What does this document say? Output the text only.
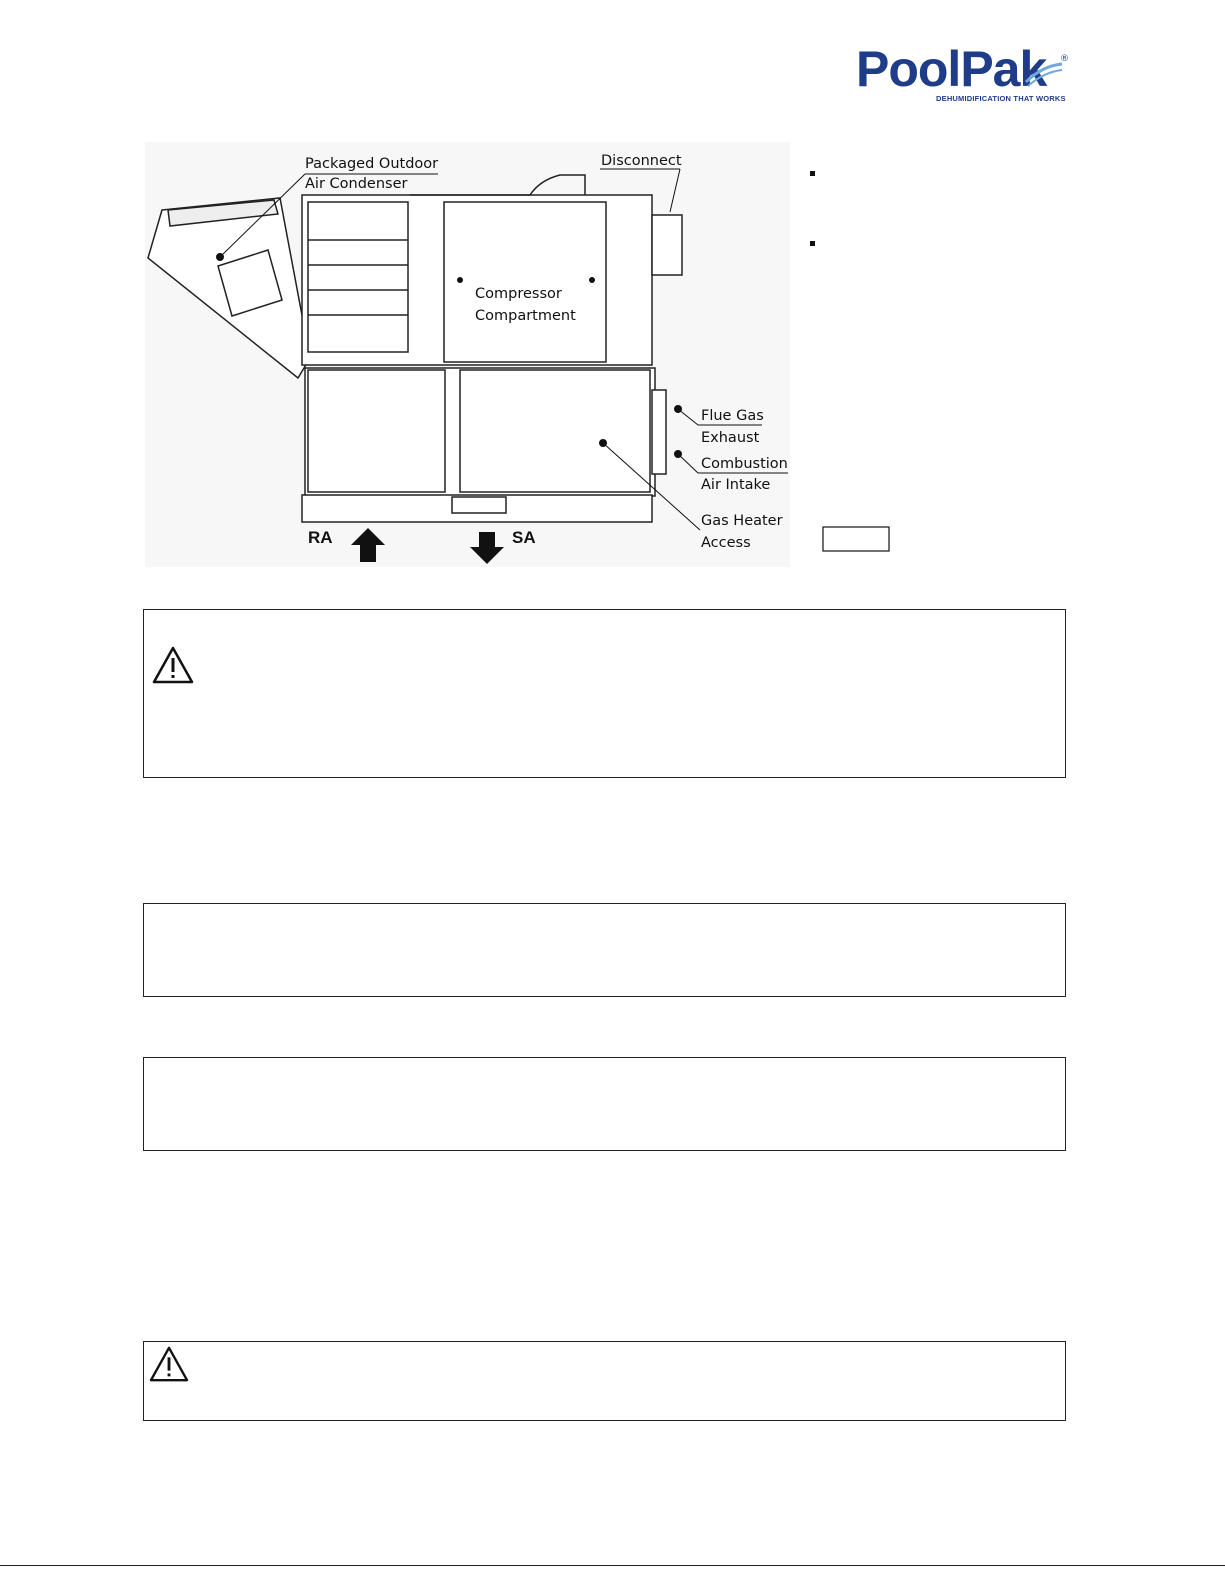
PoolPak	®
DEHUMIDIFICATION THAT WORKS
Packaged Outdoor
Air Condenser
Disconnect
Compressor
Compartment
Flue Gas
Exhaust
Combustion
Air Intake
Gas Heater
Access
RA	SA
